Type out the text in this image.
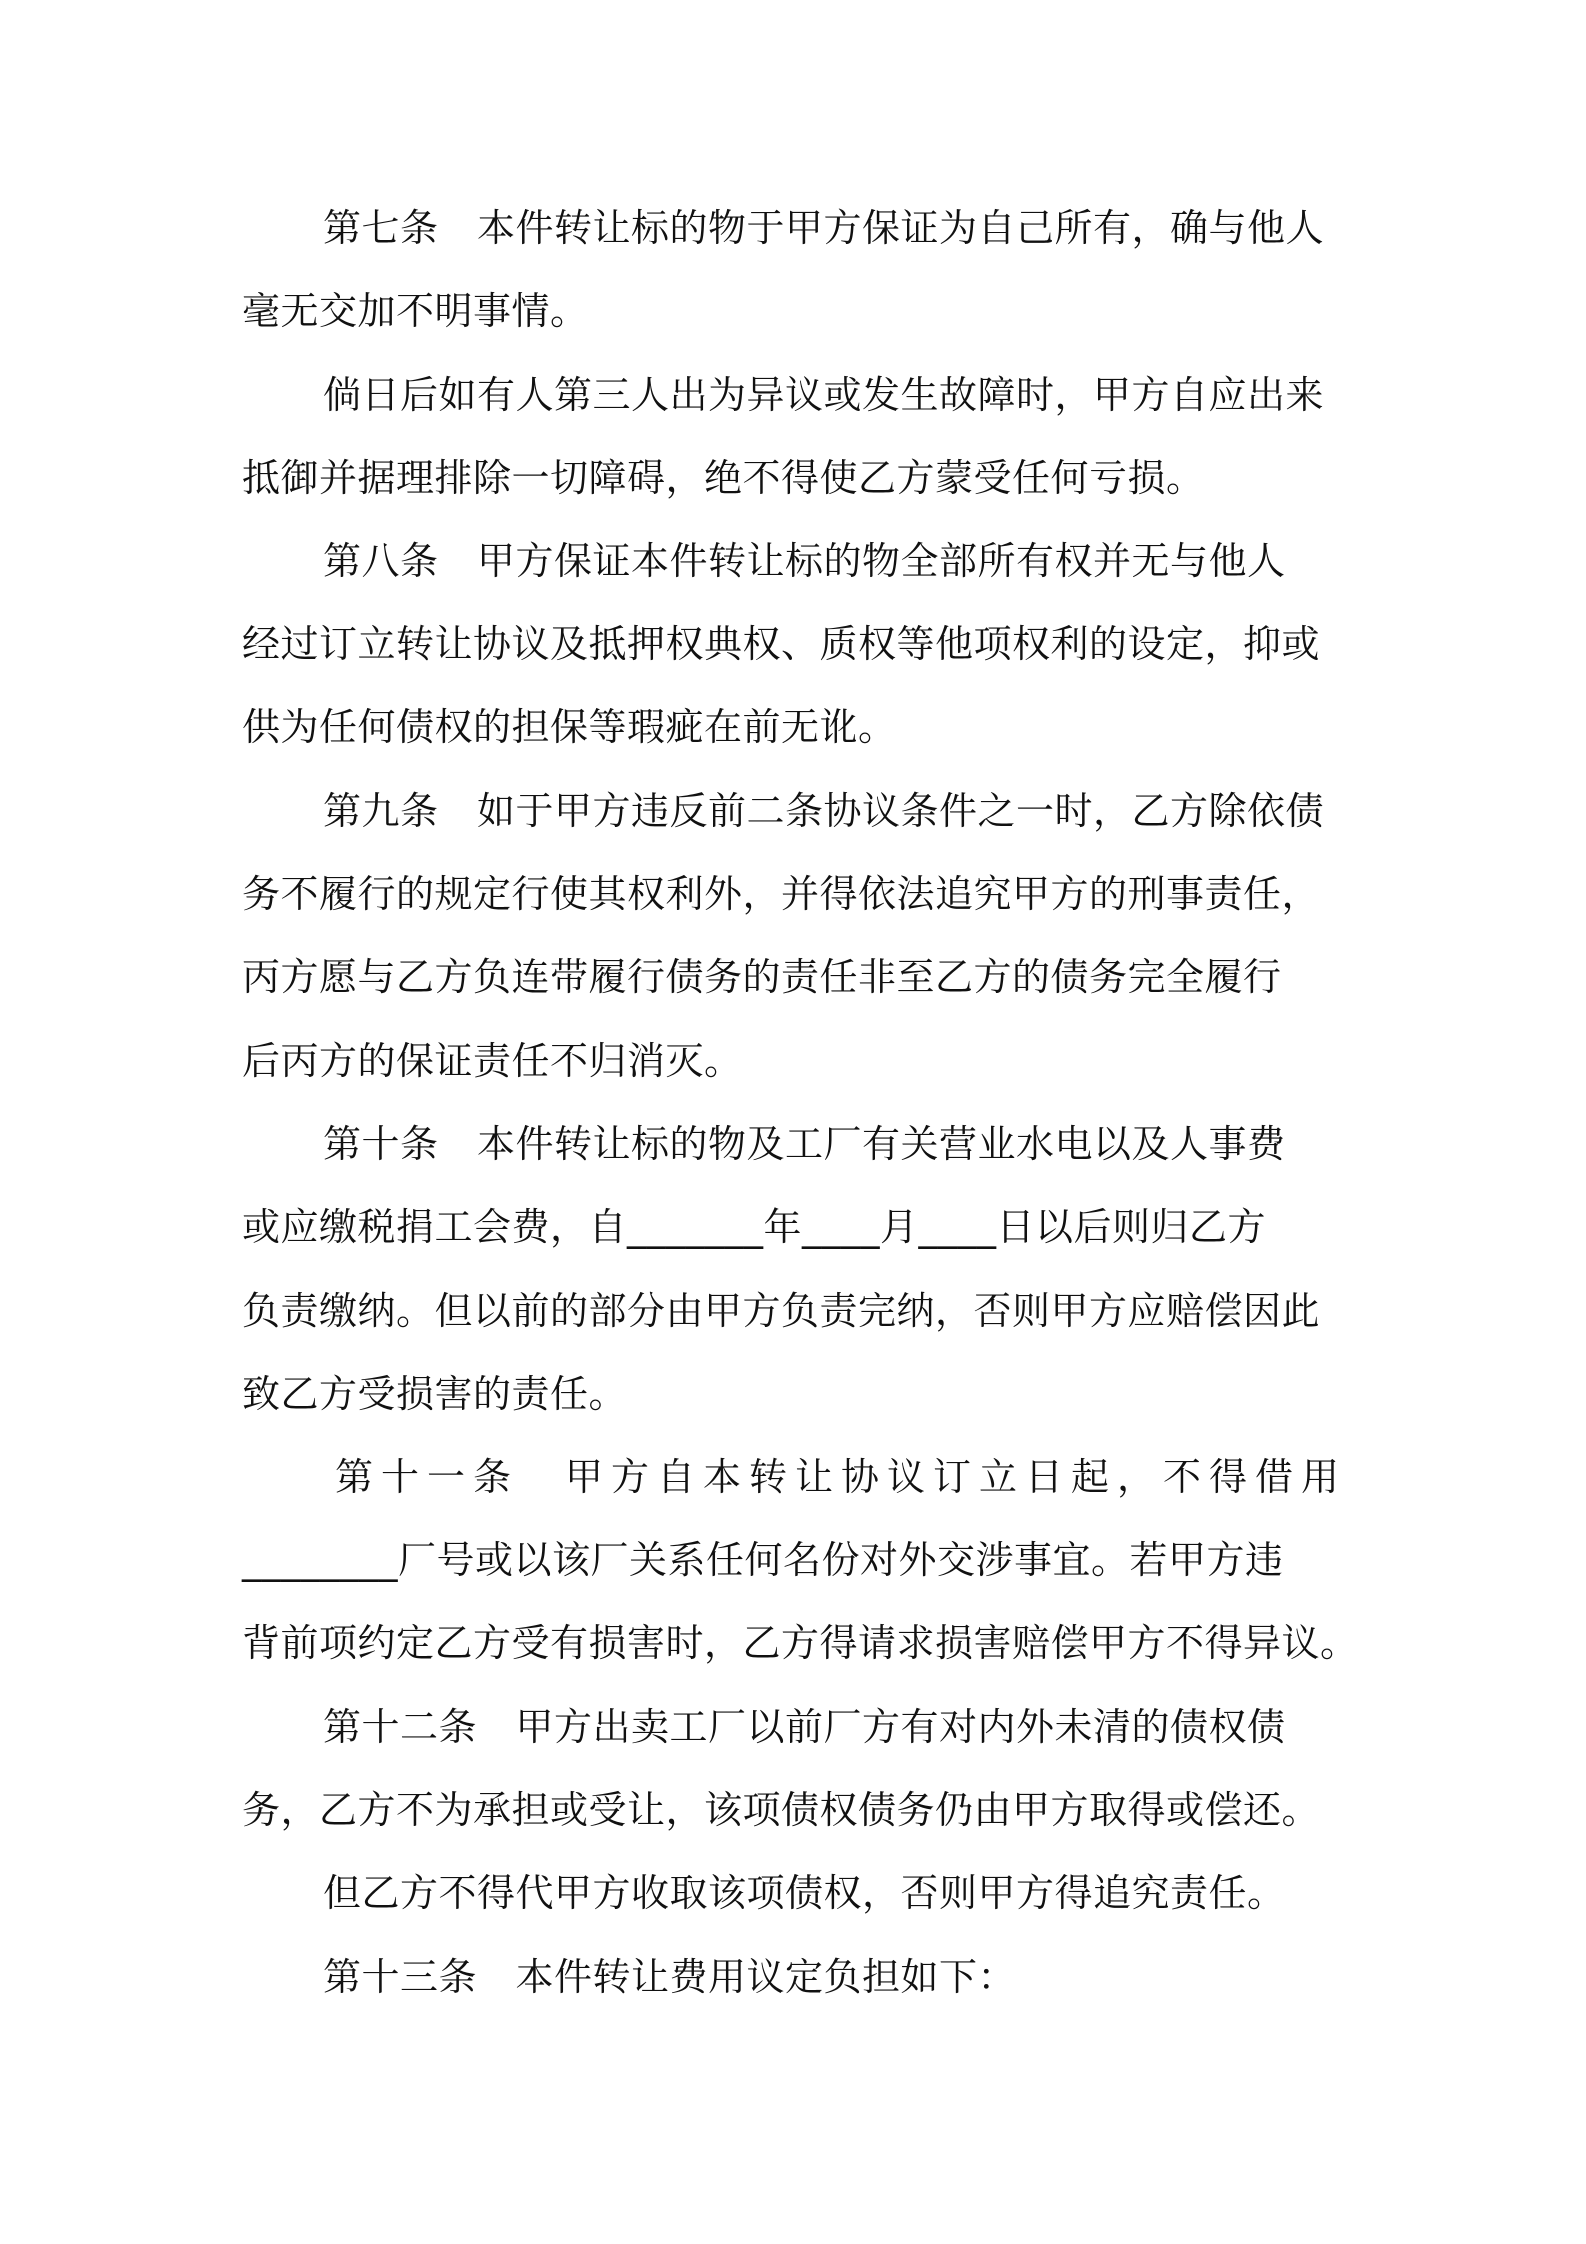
第七条　本件转让标的物于甲方保证为自己所有，确与他人
毫无交加不明事情。
倘日后如有人第三人出为异议或发生故障时，甲方自应出来
抵御并据理排除一切障碍，绝不得使乙方蒙受任何亏损。
第八条　甲方保证本件转让标的物全部所有权并无与他人
经过订立转让协议及抵押权典权、质权等他项权利的设定，抑或
供为任何债权的担保等瑕疵在前无讹。
第九条　如于甲方违反前二条协议条件之一时，乙方除依债
务不履行的规定行使其权利外，并得依法追究甲方的刑事责任，
丙方愿与乙方负连带履行债务的责任非至乙方的债务完全履行
后丙方的保证责任不归消灭。
第十条　本件转让标的物及工厂有关营业水电以及人事费
或应缴税捐工会费，自_______年____月____日以后则归乙方
负责缴纳。但以前的部分由甲方负责完纳，否则甲方应赔偿因此
致乙方受损害的责任。
第十一条　甲方自本转让协议订立日起，不得借用
________厂号或以该厂关系任何名份对外交涉事宜。若甲方违
背前项约定乙方受有损害时，乙方得请求损害赔偿甲方不得异议。
第十二条　甲方出卖工厂以前厂方有对内外未清的债权债
务，乙方不为承担或受让，该项债权债务仍由甲方取得或偿还。
但乙方不得代甲方收取该项债权，否则甲方得追究责任。
第十三条　本件转让费用议定负担如下：
